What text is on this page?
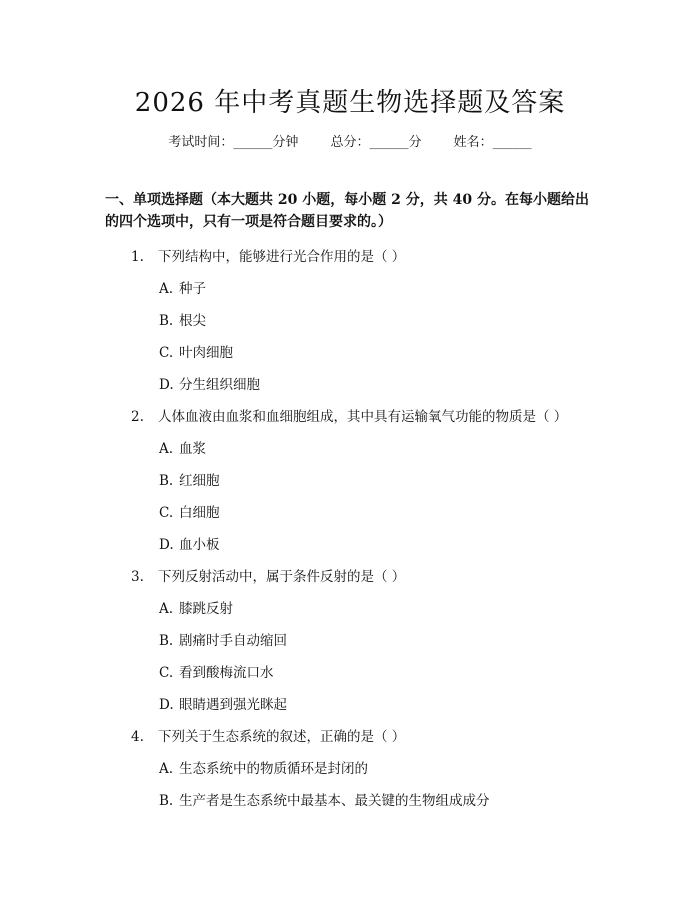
2026 年中考真题生物选择题及答案
考试时间：______分钟 总分：______分 姓名：______
一、单项选择题（本大题共 20 小题，每小题 2 分，共 40 分。在每小题给出的四个选项中，只有一项是符合题目要求的。）
1. 下列结构中，能够进行光合作用的是（ ）
A. 种子
B. 根尖
C. 叶肉细胞
D. 分生组织细胞
2. 人体血液由血浆和血细胞组成，其中具有运输氧气功能的物质是（ ）
A. 血浆
B. 红细胞
C. 白细胞
D. 血小板
3. 下列反射活动中，属于条件反射的是（ ）
A. 膝跳反射
B. 剧痛时手自动缩回
C. 看到酸梅流口水
D. 眼睛遇到强光眯起
4. 下列关于生态系统的叙述，正确的是（ ）
A. 生态系统中的物质循环是封闭的
B. 生产者是生态系统中最基本、最关键的生物组成成分
